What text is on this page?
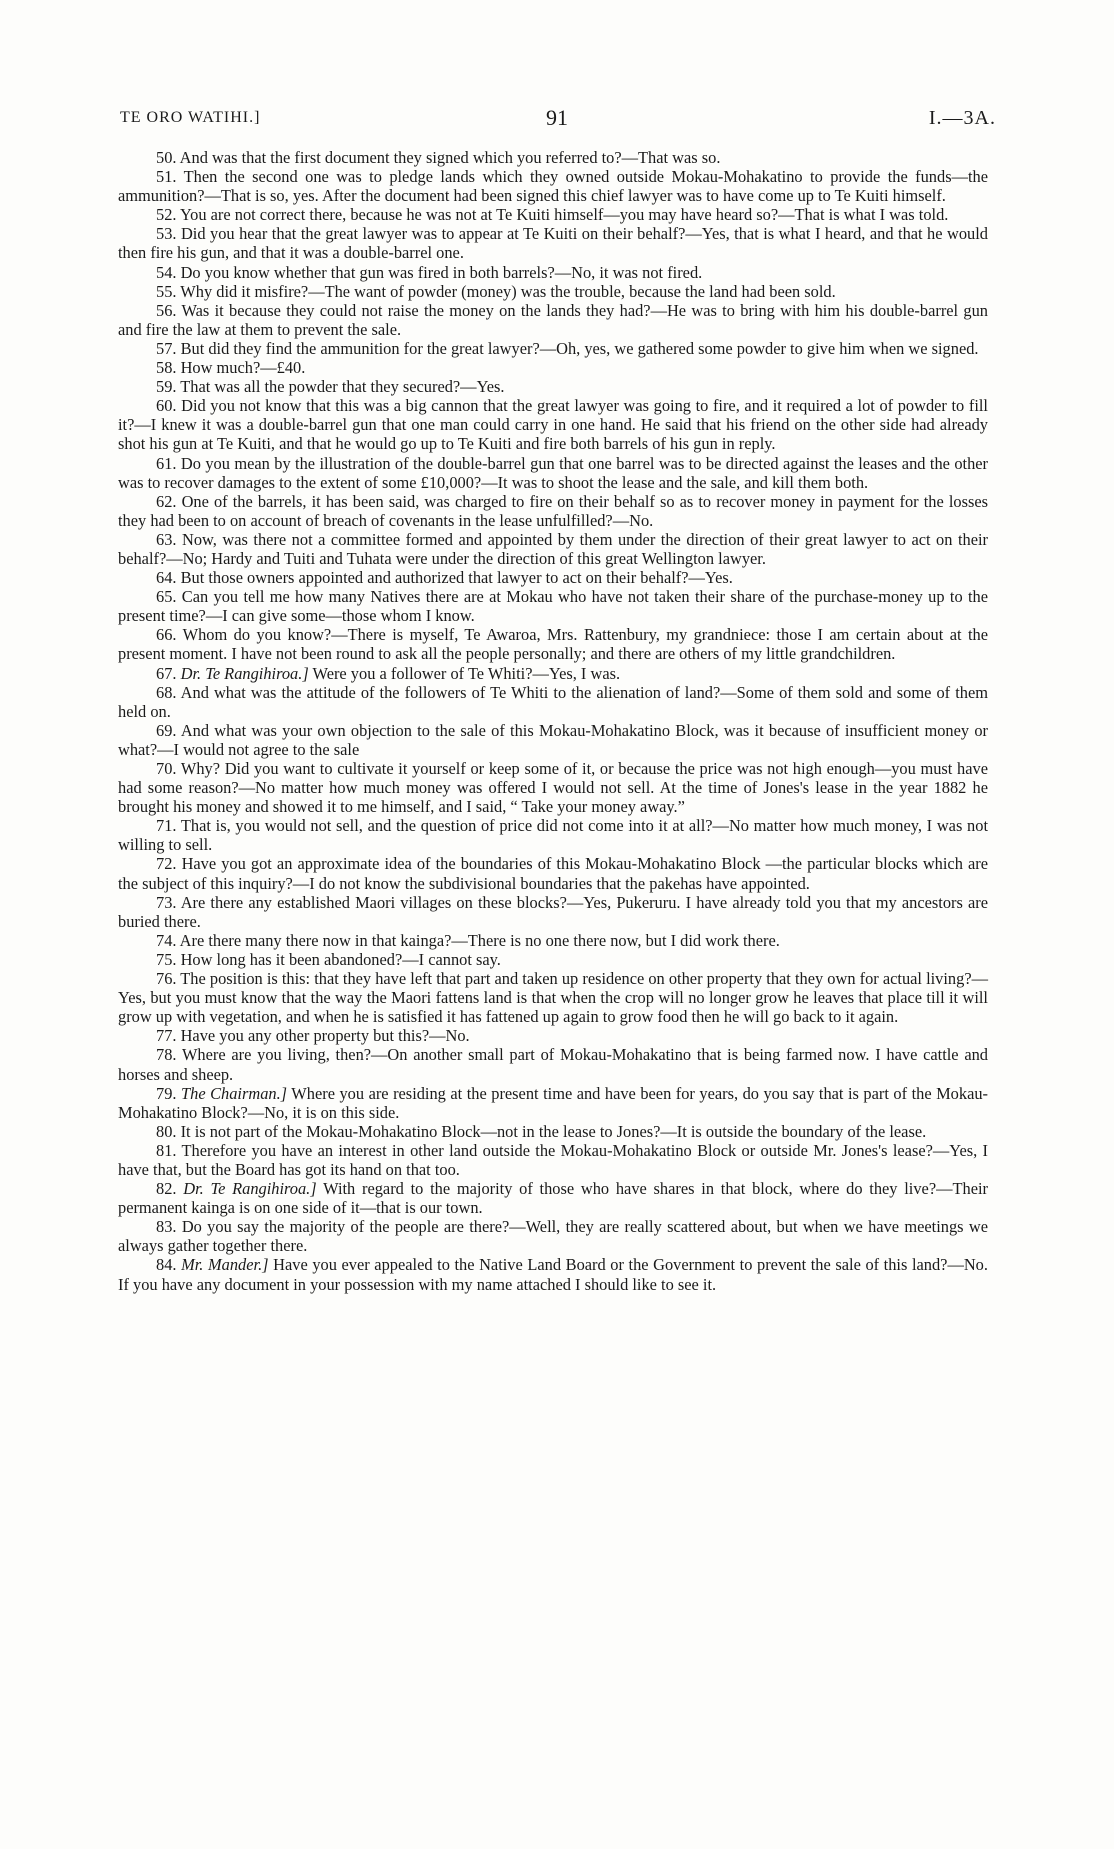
TE ORO WATIHI.]	91	I.—3A.

50. And was that the first document they signed which you referred to?—That was so.

51. Then the second one was to pledge lands which they owned outside Mokau-Mohakatino to provide the funds—the ammunition?—That is so, yes. After the document had been signed this chief lawyer was to have come up to Te Kuiti himself.

52. You are not correct there, because he was not at Te Kuiti himself—you may have heard so?—That is what I was told.

53. Did you hear that the great lawyer was to appear at Te Kuiti on their behalf?—Yes, that is what I heard, and that he would then fire his gun, and that it was a double-barrel one.

54. Do you know whether that gun was fired in both barrels?—No, it was not fired.

55. Why did it misfire?—The want of powder (money) was the trouble, because the land had been sold.

56. Was it because they could not raise the money on the lands they had?—He was to bring with him his double-barrel gun and fire the law at them to prevent the sale.

57. But did they find the ammunition for the great lawyer?—Oh, yes, we gathered some powder to give him when we signed.

58. How much?—£40.

59. That was all the powder that they secured?—Yes.

60. Did you not know that this was a big cannon that the great lawyer was going to fire, and it required a lot of powder to fill it?—I knew it was a double-barrel gun that one man could carry in one hand. He said that his friend on the other side had already shot his gun at Te Kuiti, and that he would go up to Te Kuiti and fire both barrels of his gun in reply.

61. Do you mean by the illustration of the double-barrel gun that one barrel was to be directed against the leases and the other was to recover damages to the extent of some £10,000?—It was to shoot the lease and the sale, and kill them both.

62. One of the barrels, it has been said, was charged to fire on their behalf so as to recover money in payment for the losses they had been to on account of breach of covenants in the lease unfulfilled?—No.

63. Now, was there not a committee formed and appointed by them under the direction of their great lawyer to act on their behalf?—No; Hardy and Tuiti and Tuhata were under the direction of this great Wellington lawyer.

64. But those owners appointed and authorized that lawyer to act on their behalf?—Yes.

65. Can you tell me how many Natives there are at Mokau who have not taken their share of the purchase-money up to the present time?—I can give some—those whom I know.

66. Whom do you know?—There is myself, Te Awaroa, Mrs. Rattenbury, my grandniece: those I am certain about at the present moment. I have not been round to ask all the people personally; and there are others of my little grandchildren.

67. Dr. Te Rangihiroa.] Were you a follower of Te Whiti?—Yes, I was.

68. And what was the attitude of the followers of Te Whiti to the alienation of land?—Some of them sold and some of them held on.

69. And what was your own objection to the sale of this Mokau-Mohakatino Block, was it because of insufficient money or what?—I would not agree to the sale

70. Why? Did you want to cultivate it yourself or keep some of it, or because the price was not high enough—you must have had some reason?—No matter how much money was offered I would not sell. At the time of Jones's lease in the year 1882 he brought his money and showed it to me himself, and I said, “ Take your money away.”

71. That is, you would not sell, and the question of price did not come into it at all?—No matter how much money, I was not willing to sell.

72. Have you got an approximate idea of the boundaries of this Mokau-Mohakatino Block —the particular blocks which are the subject of this inquiry?—I do not know the subdivisional boundaries that the pakehas have appointed.

73. Are there any established Maori villages on these blocks?—Yes, Pukeruru. I have already told you that my ancestors are buried there.

74. Are there many there now in that kainga?—There is no one there now, but I did work there.

75. How long has it been abandoned?—I cannot say.

76. The position is this: that they have left that part and taken up residence on other property that they own for actual living?—Yes, but you must know that the way the Maori fattens land is that when the crop will no longer grow he leaves that place till it will grow up with vegetation, and when he is satisfied it has fattened up again to grow food then he will go back to it again.

77. Have you any other property but this?—No.

78. Where are you living, then?—On another small part of Mokau-Mohakatino that is being farmed now. I have cattle and horses and sheep.

79. The Chairman.] Where you are residing at the present time and have been for years, do you say that is part of the Mokau-Mohakatino Block?—No, it is on this side.

80. It is not part of the Mokau-Mohakatino Block—not in the lease to Jones?—It is outside the boundary of the lease.

81. Therefore you have an interest in other land outside the Mokau-Mohakatino Block or outside Mr. Jones's lease?—Yes, I have that, but the Board has got its hand on that too.

82. Dr. Te Rangihiroa.] With regard to the majority of those who have shares in that block, where do they live?—Their permanent kainga is on one side of it—that is our town.

83. Do you say the majority of the people are there?—Well, they are really scattered about, but when we have meetings we always gather together there.

84. Mr. Mander.] Have you ever appealed to the Native Land Board or the Government to prevent the sale of this land?—No. If you have any document in your possession with my name attached I should like to see it.
